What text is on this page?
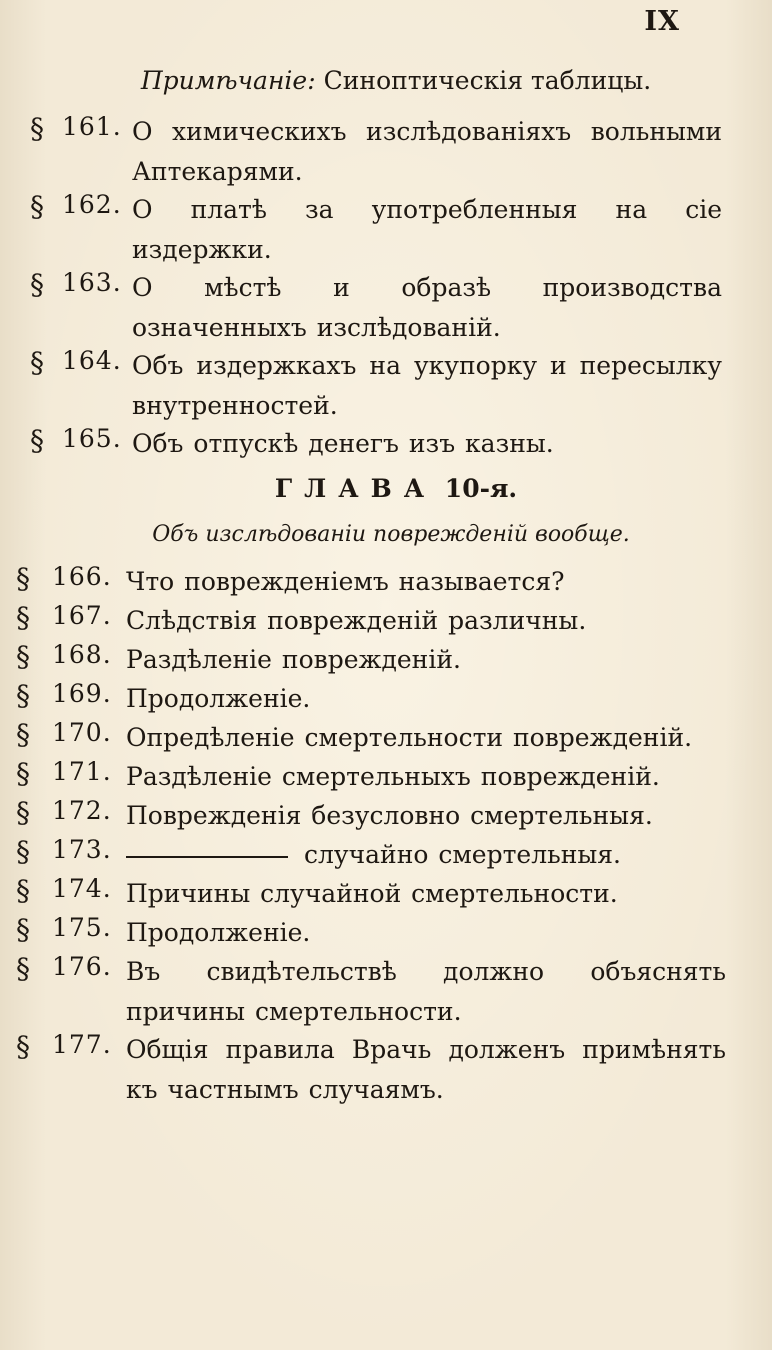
IX
Примѣчаніе: Синоптическія таблицы.
§ 161. О химическихъ изслѣдованіяхъ вольными Аптекарями.
§ 162. О платѣ за употребленныя на сіе издержки.
§ 163. О мѣстѣ и образѣ производства означенныхъ изслѣдованій.
§ 164. Объ издержкахъ на укупорку и пересылку внутренностей.
§ 165. Объ отпускѣ денегъ изъ казны.
ГЛАВА 10-я.
Объ изслѣдованіи поврежденій вообще.
§ 166. Что поврежденіемъ называется?
§ 167. Слѣдствія поврежденій различны.
§ 168. Раздѣленіе поврежденій.
§ 169. Продолженіе.
§ 170. Опредѣленіе смертельности поврежденій.
§ 171. Раздѣленіе смертельныхъ поврежденій.
§ 172. Поврежденія безусловно смертельныя.
§ 173.	случайно смертельныя.
§ 174. Причины случайной смертельности.
§ 175. Продолженіе.
§ 176. Въ свидѣтельствѣ должно объяснять причины смертельности.
§ 177. Общія правила Врачь долженъ примѣнять къ частнымъ случаямъ.
